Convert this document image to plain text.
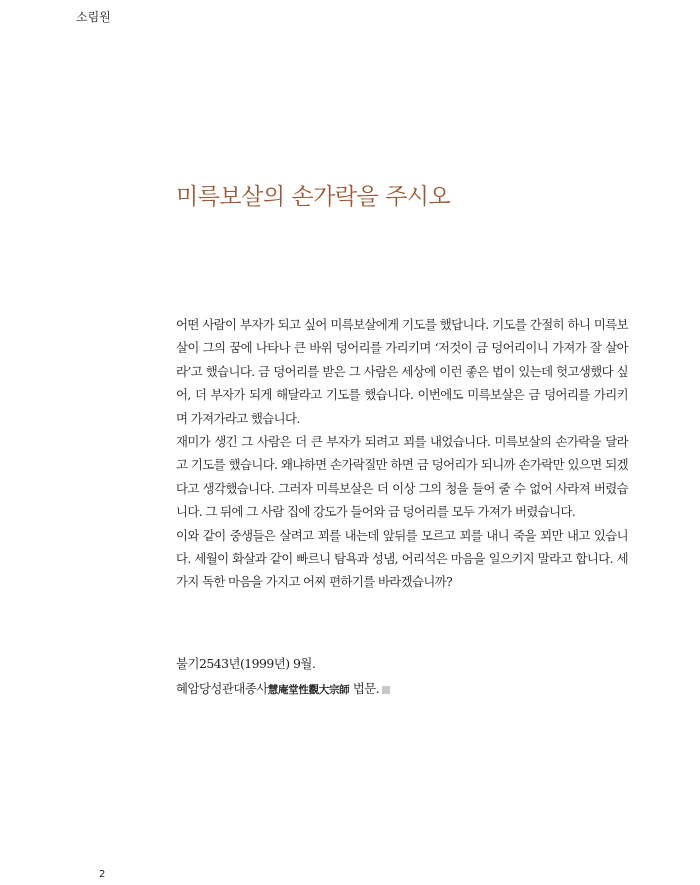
소림원
미륵보살의 손가락을 주시오

어떤 사람이 부자가 되고 싶어 미륵보살에게 기도를 했답니다. 기도를 간절히 하니 미륵보살이 그의 꿈에 나타나 큰 바위 덩어리를 가리키며 ‘저것이 금 덩어리이니 가져가 잘 살아라’고 했습니다. 금 덩어리를 받은 그 사람은 세상에 이런 좋은 법이 있는데 헛고생했다 싶어, 더 부자가 되게 해달라고 기도를 했습니다. 이번에도 미륵보살은 금 덩어리를 가리키며 가져가라고 했습니다.

재미가 생긴 그 사람은 더 큰 부자가 되려고 꾀를 내었습니다. 미륵보살의 손가락을 달라고 기도를 했습니다. 왜냐하면 손가락질만 하면 금 덩어리가 되니까 손가락만 있으면 되겠다고 생각했습니다. 그러자 미륵보살은 더 이상 그의 청을 들어 줄 수 없어 사라져 버렸습니다. 그 뒤에 그 사람 집에 강도가 들어와 금 덩어리를 모두 가져가 버렸습니다.

이와 같이 중생들은 살려고 꾀를 내는데 앞뒤를 모르고 꾀를 내니 죽을 꾀만 내고 있습니다. 세월이 화살과 같이 빠르니 탐욕과 성냄, 어리석은 마음을 일으키지 말라고 합니다. 세 가지 독한 마음을 가지고 어찌 편하기를 바라겠습니까?

불기2543년(1999년) 9월.
혜암당성관대종사慧庵堂性觀大宗師 법문.
2
